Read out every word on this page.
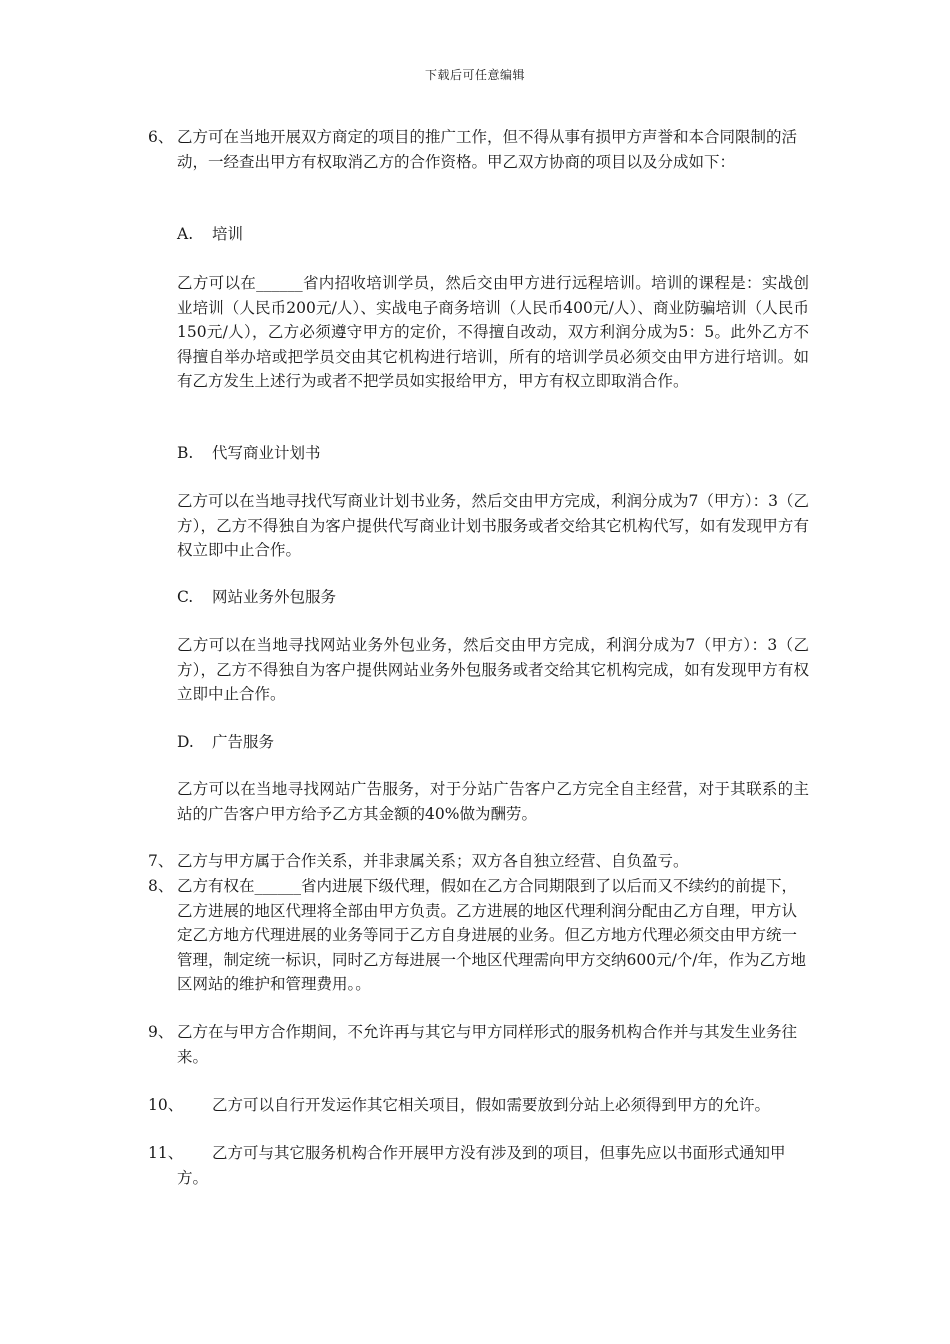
下载后可任意编辑
6、 乙方可在当地开展双方商定的项目的推广工作，但不得从事有损甲方声誉和本合同限制的活动，一经查出甲方有权取消乙方的合作资格。甲乙双方协商的项目以及分成如下：
A. 培训

乙方可以在______省内招收培训学员，然后交由甲方进行远程培训。培训的课程是：实战创业培训（人民币200元/人）、实战电子商务培训（人民币400元/人）、商业防骗培训（人民币150元/人），乙方必须遵守甲方的定价，不得擅自改动，双方利润分成为5：5。此外乙方不得擅自举办培或把学员交由其它机构进行培训，所有的培训学员必须交由甲方进行培训。如有乙方发生上述行为或者不把学员如实报给甲方，甲方有权立即取消合作。

B. 代写商业计划书

乙方可以在当地寻找代写商业计划书业务，然后交由甲方完成，利润分成为7（甲方）：3（乙方），乙方不得独自为客户提供代写商业计划书服务或者交给其它机构代写，如有发现甲方有权立即中止合作。

C. 网站业务外包服务

乙方可以在当地寻找网站业务外包业务，然后交由甲方完成，利润分成为7（甲方）：3（乙方），乙方不得独自为客户提供网站业务外包服务或者交给其它机构完成，如有发现甲方有权立即中止合作。

D. 广告服务

乙方可以在当地寻找网站广告服务，对于分站广告客户乙方完全自主经营，对于其联系的主站的广告客户甲方给予乙方其金额的40%做为酬劳。

7、 乙方与甲方属于合作关系，并非隶属关系；双方各自独立经营、自负盈亏。
8、 乙方有权在______省内进展下级代理，假如在乙方合同期限到了以后而又不续约的前提下，乙方进展的地区代理将全部由甲方负责。乙方进展的地区代理利润分配由乙方自理，甲方认定乙方地方代理进展的业务等同于乙方自身进展的业务。但乙方地方代理必须交由甲方统一管理，制定统一标识，同时乙方每进展一个地区代理需向甲方交纳600元/个/年，作为乙方地区网站的维护和管理费用。。
9、 乙方在与甲方合作期间，不允许再与其它与甲方同样形式的服务机构合作并与其发生业务往来。
10、	乙方可以自行开发运作其它相关项目，假如需要放到分站上必须得到甲方的允许。
11、	乙方可与其它服务机构合作开展甲方没有涉及到的项目，但事先应以书面形式通知甲方。
